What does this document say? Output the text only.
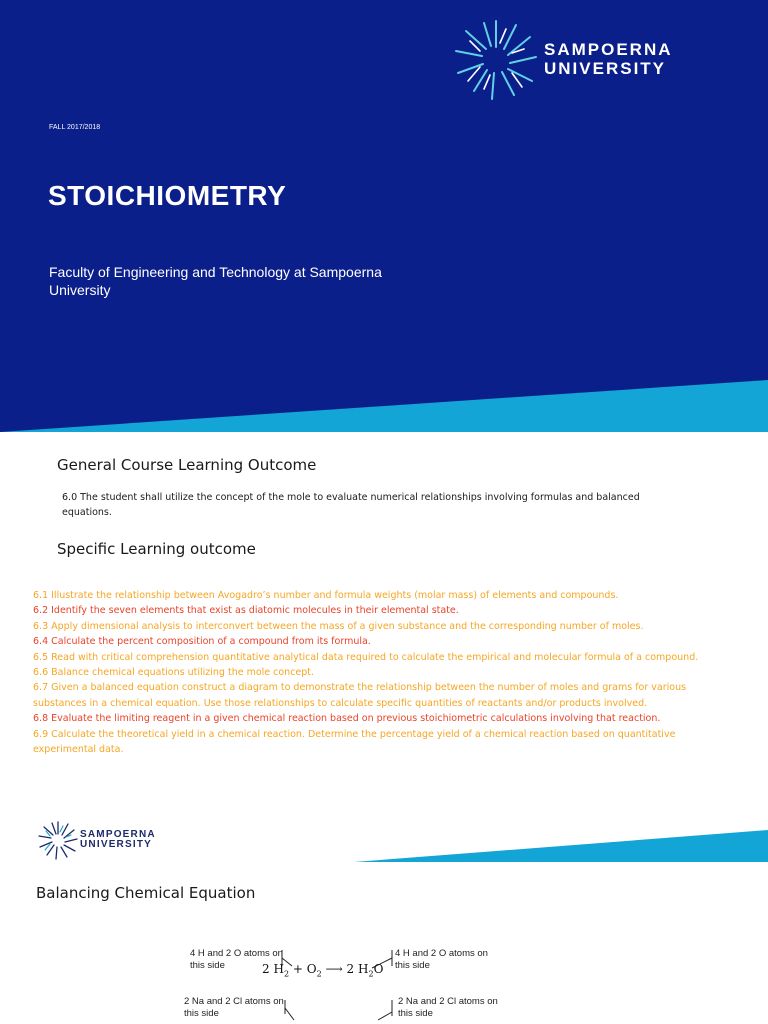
SAMPOERNA
UNIVERSITY
FALL 2017/2018
STOICHIOMETRY
Faculty of Engineering and Technology at Sampoerna University
General Course Learning Outcome
6.0 The student shall utilize the concept of the mole to evaluate numerical relationships involving formulas and balanced equations.
Specific Learning outcome
6.1 Illustrate the relationship between Avogadro’s number and formula weights (molar mass) of elements and compounds.
6.2 Identify the seven elements that exist as diatomic molecules in their elemental state.
6.3 Apply dimensional analysis to interconvert between the mass of a given substance and the corresponding number of moles.
6.4 Calculate the percent composition of a compound from its formula.
6.5 Read with critical comprehension quantitative analytical data required to calculate the empirical and molecular formula of a compound.
6.6 Balance chemical equations utilizing the mole concept.
6.7 Given a balanced equation construct a diagram to demonstrate the relationship between the number of moles and grams for various substances in a chemical equation. Use those relationships to calculate specific quantities of reactants and/or products involved.
6.8 Evaluate the limiting reagent in a given chemical reaction based on previous stoichiometric calculations involving that reaction.
6.9 Calculate the theoretical yield in a chemical reaction. Determine the percentage yield of a chemical reaction based on quantitative experimental data.
SAMPOERNA
UNIVERSITY
Balancing Chemical Equation
4 H and 2 O atoms on this side
4 H and 2 O atoms on this side
2 Na and 2 Cl atoms on this side
2 Na and 2 Cl atoms on this side
2 $H_2 + O_2$ ⟶ 2 $H_2O$
